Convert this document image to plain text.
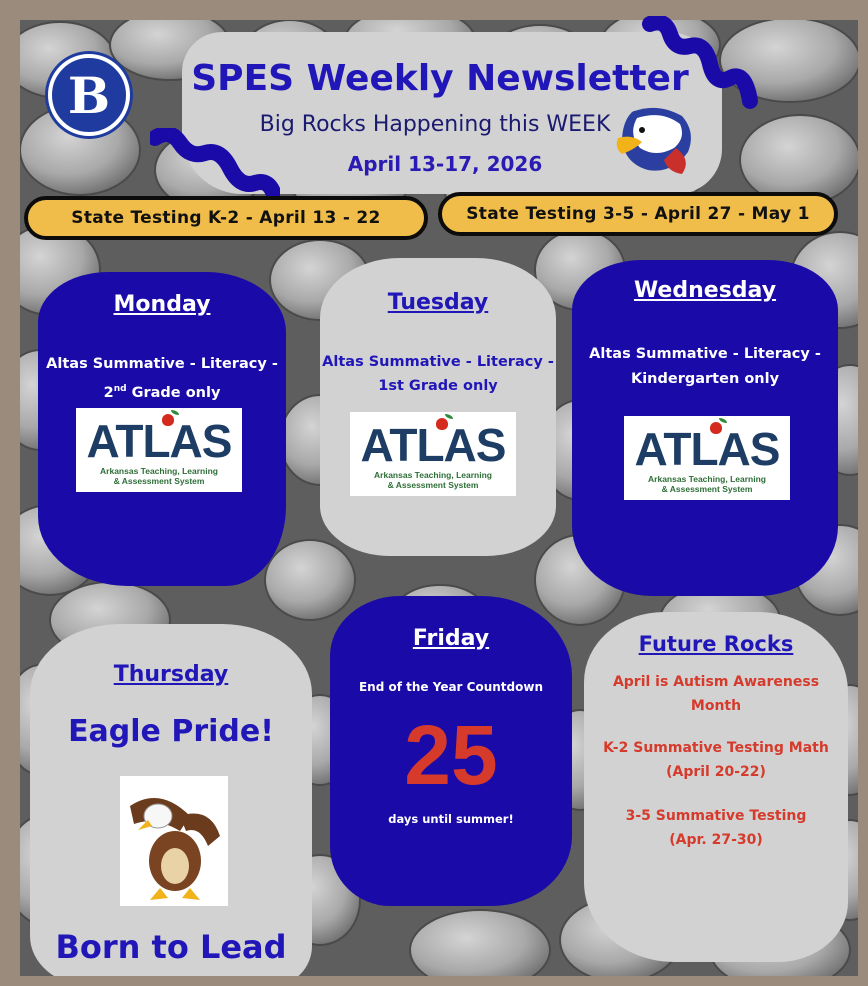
B	SPES Weekly Newsletter
Big Rocks Happening this WEEK
April 13-17, 2026
State Testing K-2 - April 13 - 22	State Testing 3-5 - April 27 - May 1
Monday
Altas Summative - Literacy -
2nd Grade only
ATLAS
Arkansas Teaching, Learning
& Assessment System
Tuesday
Altas Summative - Literacy -
1st Grade only
ATLAS
Arkansas Teaching, Learning
& Assessment System
Wednesday
Altas Summative - Literacy -
Kindergarten only
ATLAS
Arkansas Teaching, Learning
& Assessment System
Thursday
Eagle Pride!
Born to Lead
Friday
End of the Year Countdown
25
days until summer!
Future Rocks
April is Autism Awareness
Month
K-2 Summative Testing Math
(April 20-22)
3-5 Summative Testing
(Apr. 27-30)
